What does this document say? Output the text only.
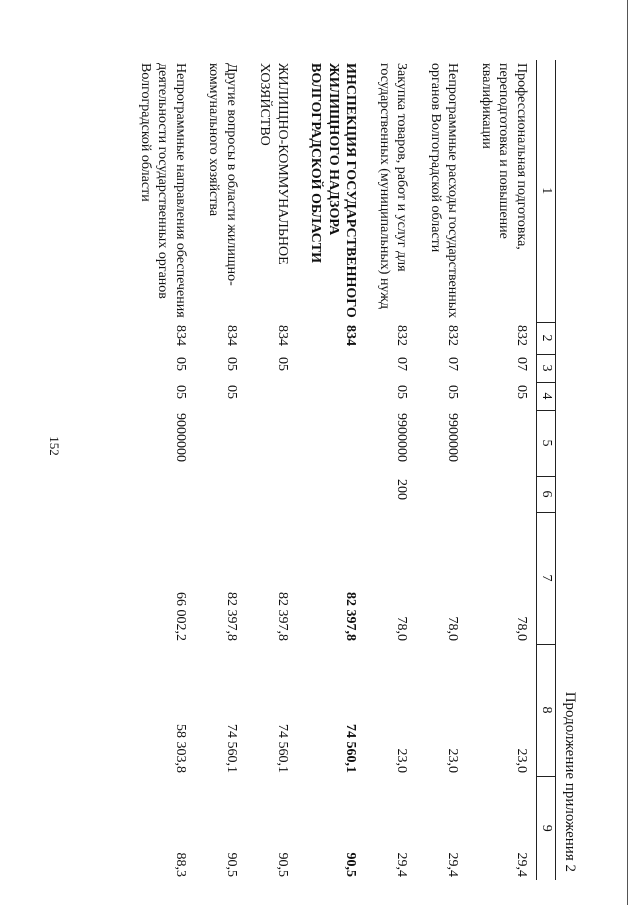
152
Продолжение приложения 2
1	2	3	4	5	6	7	8	9
Профессиональная подготовка, переподготовка и повышение квалификации	832	07	05			78,0	23,0	29,4
Непрограммные расходы государственных органов Волгоградской области	832	07	05	9900000		78,0	23,0	29,4
Закупка товаров, работ и услуг для государственных (муниципальных) нужд	832	07	05	9900000	200	78,0	23,0	29,4
ИНСПЕКЦИЯ ГОСУДАРСТВЕННОГО ЖИЛИЩНОГО НАДЗОРА ВОЛГОГРАДСКОЙ ОБЛАСТИ	834					82 397,8	74 560,1	90,5
ЖИЛИЩНО-КОММУНАЛЬНОЕ ХОЗЯЙСТВО	834	05				82 397,8	74 560,1	90,5
Другие вопросы в области жилищно-коммунального хозяйства	834	05	05			82 397,8	74 560,1	90,5
Непрограммные направления обеспечения деятельности государственных органов Волгоградской области	834	05	05	9000000		66 002,2	58 303,8	88,3
